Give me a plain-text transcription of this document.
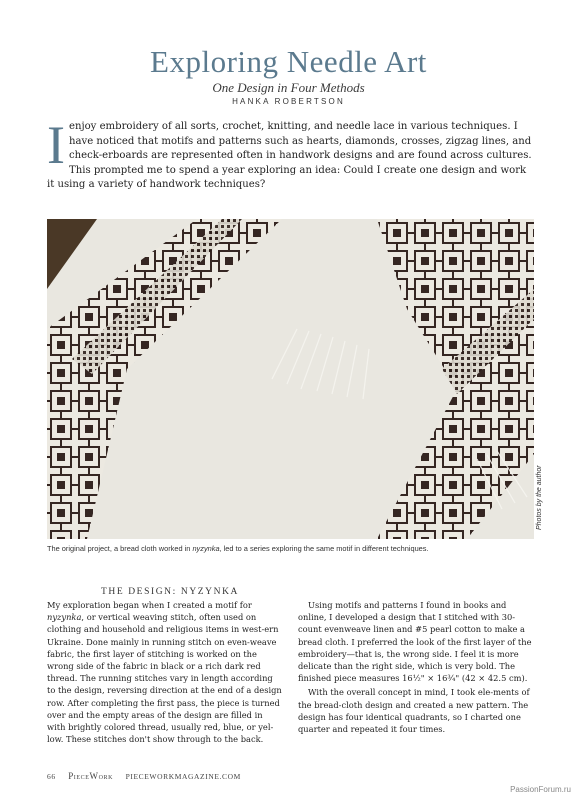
Exploring Needle Art
One Design in Four Methods
HANKA ROBERTSON
Ienjoy embroidery of all sorts, crochet, knitting, and needle lace in various techniques. I have noticed that motifs and patterns such as hearts, diamonds, crosses, zigzag lines, and check-erboards are represented often in handwork designs and are found across cultures. This prompted me to spend a year exploring an idea: Could I create one design and work it using a variety of handwork techniques?
Photos by the author
The original project, a bread cloth worked in nyzynka, led to a series exploring the same motif in different techniques.
THE DESIGN: NYZYNKA

My exploration began when I created a motif for nyzynka, or vertical weaving stitch, often used on clothing and household and religious items in west-ern Ukraine. Done mainly in running stitch on even-weave fabric, the first layer of stitching is worked on the wrong side of the fabric in black or a rich dark red thread. The running stitches vary in length according to the design, reversing direction at the end of a design row. After completing the first pass, the piece is turned over and the empty areas of the design are filled in with brightly colored thread, usually red, blue, or yel-low. These stitches don't show through to the back.

Using motifs and patterns I found in books and online, I developed a design that I stitched with 30-count evenweave linen and #5 pearl cotton to make a bread cloth. I preferred the look of the first layer of the embroidery—that is, the wrong side. I feel it is more delicate than the right side, which is very bold. The finished piece measures 16½" × 16¾" (42 × 42.5 cm).

With the overall concept in mind, I took ele-ments of the bread-cloth design and created a new pattern. The design has four identical quadrants, so I charted one quarter and repeated it four times.

66 PieceWork PIECEWORKMAGAZINE.COM
PassionForum.ru
